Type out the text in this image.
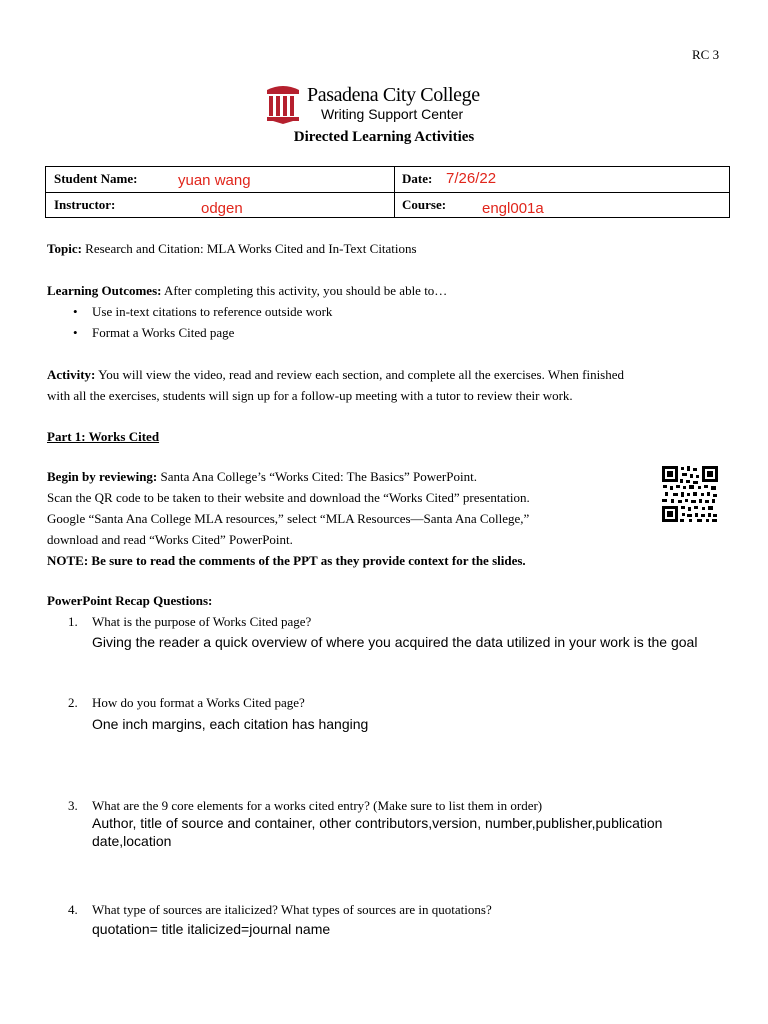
RC 3
Pasadena City College
Writing Support Center
Directed Learning Activities
Student Name:	yuan wang	Date: 7/26/22
Instructor:	odgen	Course: engl001a
Topic: Research and Citation: MLA Works Cited and In-Text Citations
Learning Outcomes: After completing this activity, you should be able to…
• Use in-text citations to reference outside work
• Format a Works Cited page
Activity: You will view the video, read and review each section, and complete all the exercises. When finished
with all the exercises, students will sign up for a follow-up meeting with a tutor to review their work.
Part 1: Works Cited
Begin by reviewing: Santa Ana College’s “Works Cited: The Basics” PowerPoint.
Scan the QR code to be taken to their website and download the “Works Cited” presentation.
Google “Santa Ana College MLA resources,” select “MLA Resources—Santa Ana College,”
download and read “Works Cited” PowerPoint.
NOTE: Be sure to read the comments of the PPT as they provide context for the slides.
PowerPoint Recap Questions:
1. What is the purpose of Works Cited page?
Giving the reader a quick overview of where you acquired the data utilized in your work is the goal
2. How do you format a Works Cited page?
One inch margins, each citation has hanging
3. What are the 9 core elements for a works cited entry? (Make sure to list them in order)
Author, title of source and container, other contributors,version, number,publisher,publication date,location
4. What type of sources are italicized? What types of sources are in quotations?
quotation= title italicized=journal name
